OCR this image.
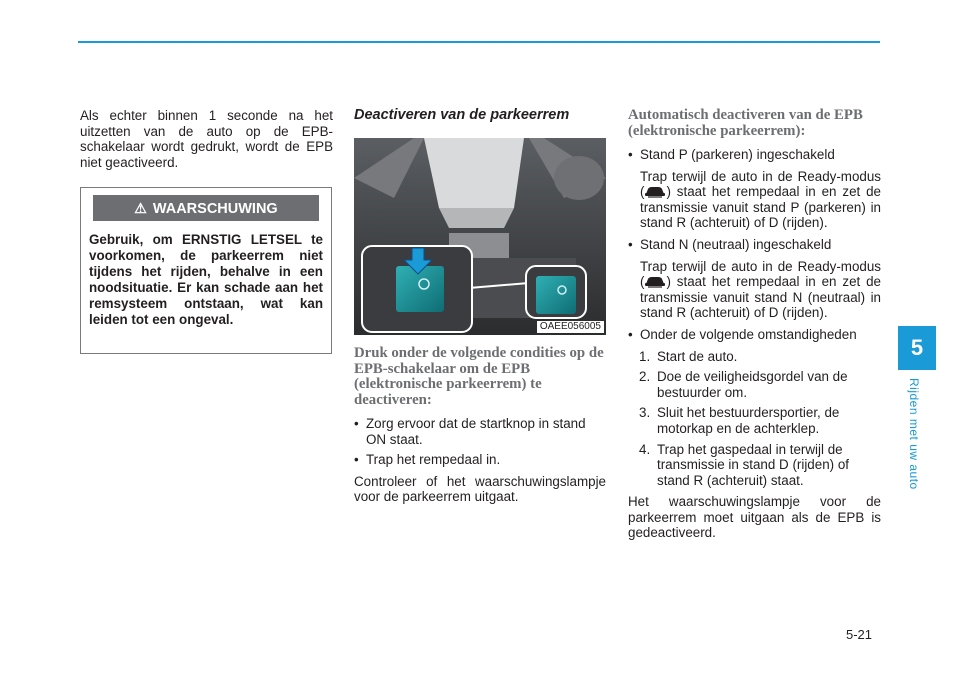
Als echter binnen 1 seconde na het uitzetten van de auto op de EPB-schakelaar wordt gedrukt, wordt de EPB niet geactiveerd.

⚠ WAARSCHUWING
Gebruik, om ERNSTIG LETSEL te voorkomen, de parkeerrem niet tijdens het rijden, behalve in een noodsituatie. Er kan schade aan het remsysteem ontstaan, wat kan leiden tot een ongeval.
Deactiveren van de parkeerrem
OAEE056005
Druk onder de volgende condities op de EPB-schakelaar om de EPB (elektronische parkeerrem) te deactiveren:
• Zorg ervoor dat de startknop in stand ON staat.
• Trap het rempedaal in.

Controleer of het waarschuwingslampje voor de parkeerrem uitgaat.

Automatisch deactiveren van de EPB (elektronische parkeerrem):
• Stand P (parkeren) ingeschakeld

Trap terwijl de auto in de Ready-modus ( ) staat het rempedaal in en zet de transmissie vanuit stand P (parkeren) in stand R (achteruit) of D (rijden).

• Stand N (neutraal) ingeschakeld

Trap terwijl de auto in de Ready-modus ( ) staat het rempedaal in en zet de transmissie vanuit stand N (neutraal) in stand R (achteruit) of D (rijden).

• Onder de volgende omstandigheden
1. Start de auto.
2. Doe de veiligheidsgordel van de bestuurder om.
3. Sluit het bestuurdersportier, de motorkap en de achterklep.
4. Trap het gaspedaal in terwijl de transmissie in stand D (rijden) of stand R (achteruit) staat.

Het waarschuwingslampje voor de parkeerrem moet uitgaan als de EPB is gedeactiveerd.

5
Rijden met uw auto
5-21
